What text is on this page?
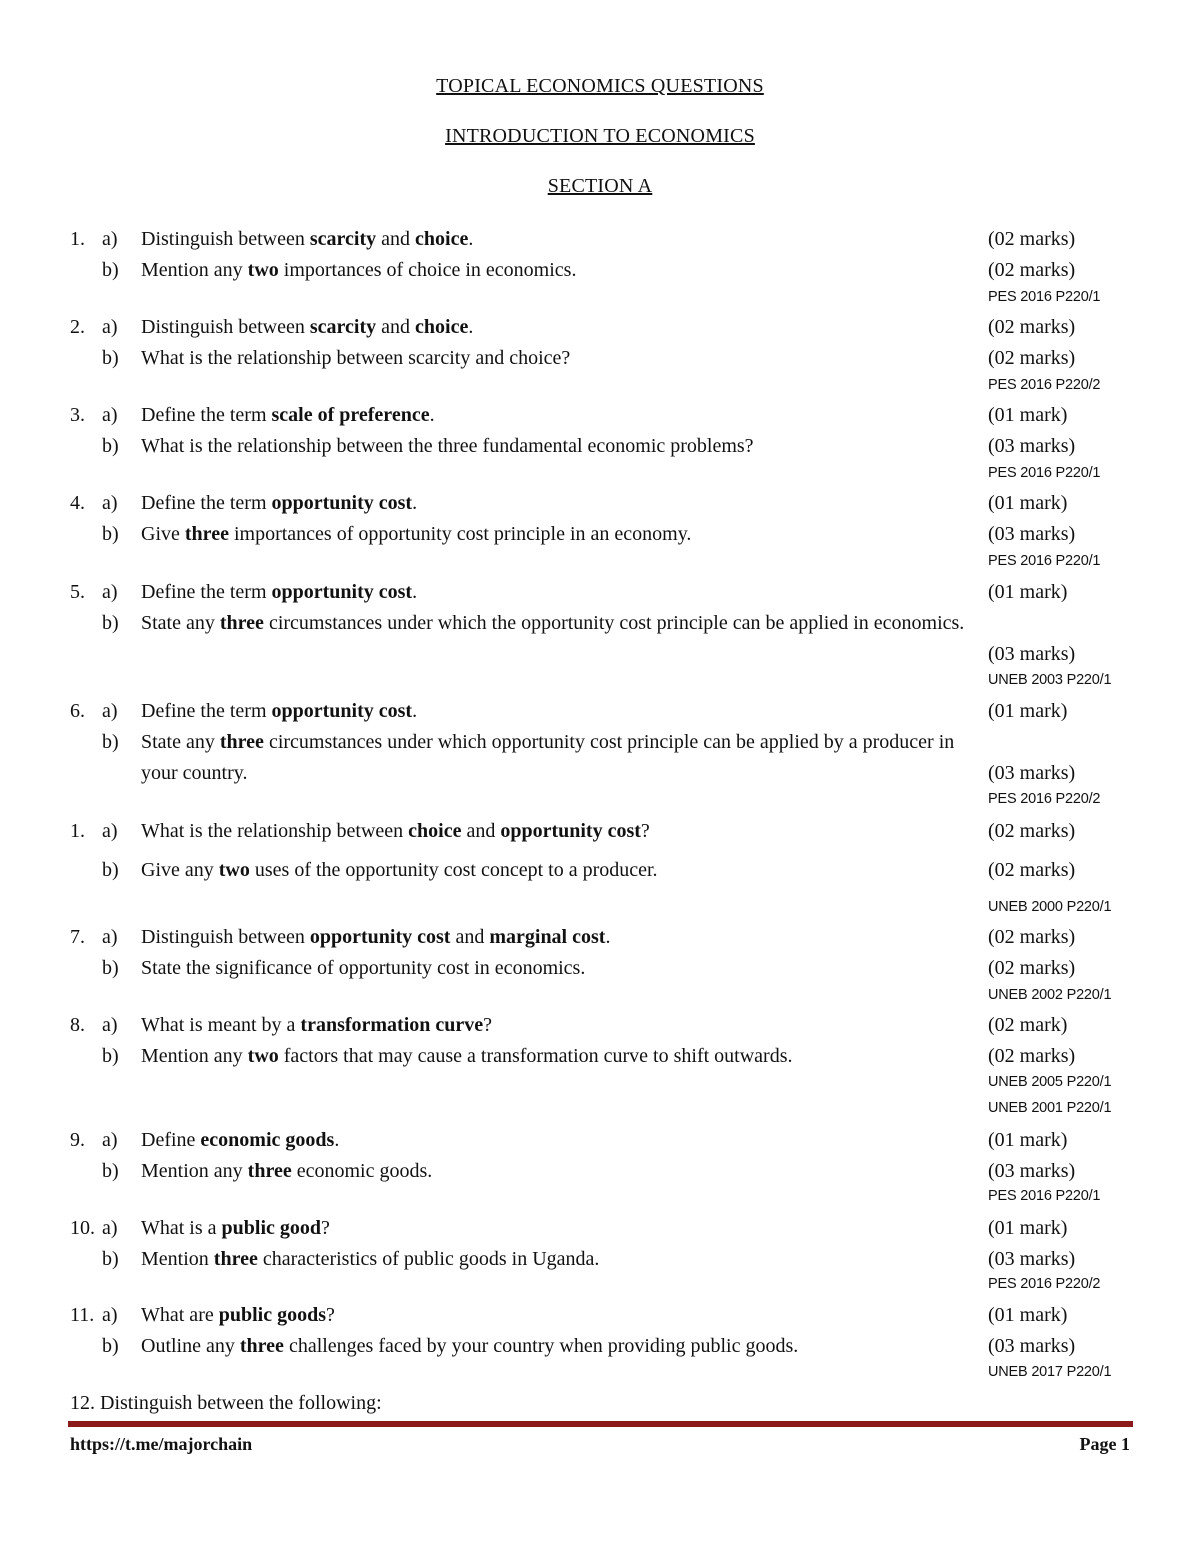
TOPICAL ECONOMICS QUESTIONS
INTRODUCTION TO ECONOMICS
SECTION A
1. a) Distinguish between scarcity and choice.	(02 marks)
b) Mention any two importances of choice in economics.	(02 marks)
PES 2016 P220/1
2. a) Distinguish between scarcity and choice.	(02 marks)
b) What is the relationship between scarcity and choice?	(02 marks)
PES 2016 P220/2
3. a) Define the term scale of preference.	(01 mark)
b) What is the relationship between the three fundamental economic problems?	(03 marks)
PES 2016 P220/1
4. a) Define the term opportunity cost.	(01 mark)
b) Give three importances of opportunity cost principle in an economy.	(03 marks)
PES 2016 P220/1
5. a) Define the term opportunity cost.	(01 mark)
b) State any three circumstances under which the opportunity cost principle can be applied in economics.
(03 marks)
UNEB 2003 P220/1
6. a) Define the term opportunity cost.	(01 mark)
b) State any three circumstances under which opportunity cost principle can be applied by a producer in
your country.	(03 marks)
PES 2016 P220/2
1. a) What is the relationship between choice and opportunity cost?	(02 marks)
b) Give any two uses of the opportunity cost concept to a producer.	(02 marks)
UNEB 2000 P220/1
7. a) Distinguish between opportunity cost and marginal cost.	(02 marks)
b) State the significance of opportunity cost in economics.	(02 marks)
UNEB 2002 P220/1
8. a) What is meant by a transformation curve?	(02 mark)
b) Mention any two factors that may cause a transformation curve to shift outwards.	(02 marks)
UNEB 2005 P220/1
UNEB 2001 P220/1
9. a) Define economic goods.	(01 mark)
b) Mention any three economic goods.	(03 marks)
PES 2016 P220/1
10. a) What is a public good?	(01 mark)
b) Mention three characteristics of public goods in Uganda.	(03 marks)
PES 2016 P220/2
11. a) What are public goods?	(01 mark)
b) Outline any three challenges faced by your country when providing public goods.	(03 marks)
UNEB 2017 P220/1
12. Distinguish between the following:
https://t.me/majorchain	Page 1
